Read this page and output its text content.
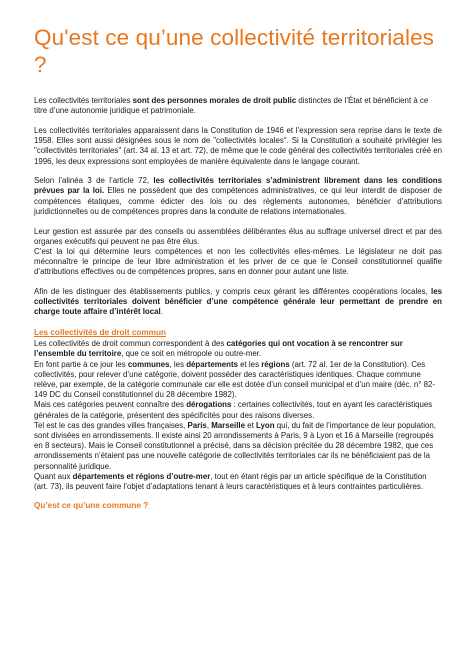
Qu'est ce qu’une collectivité territoriales ?

Les collectivités territoriales sont des personnes morales de droit public distinctes de l’État et bénéficient à ce titre d’une autonomie juridique et patrimoniale.

Les collectivités territoriales apparaissent dans la Constitution de 1946 et l’expression sera reprise dans le texte de 1958. Elles sont aussi désignées sous le nom de "collectivités locales". Si la Constitution a souhaité privilégier les "collectivités territoriales" (art. 34 al. 13 et art. 72), de même que le code général des collectivités territoriales créé en 1996, les deux expressions sont employées de manière équivalente dans le langage courant.

Selon l’alinéa 3 de l’article 72, les collectivités territoriales s’administrent librement dans les conditions prévues par la loi. Elles ne possèdent que des compétences administratives, ce qui leur interdit de disposer de compétences étatiques, comme édicter des lois ou des règlements autonomes, bénéficier d’attributions juridictionnelles ou de compétences propres dans la conduite de relations internationales.

Leur gestion est assurée par des conseils ou assemblées délibérantes élus au suffrage universel direct et par des organes exécutifs qui peuvent ne pas être élus.
C’est la loi qui détermine leurs compétences et non les collectivités elles-mêmes. Le législateur ne doit pas méconnaître le principe de leur libre administration et les priver de ce que le Conseil constitutionnel qualifie d’attributions effectives ou de compétences propres, sans en donner pour autant une liste.

Afin de les distinguer des établissements publics, y compris ceux gérant les différentes coopérations locales, les collectivités territoriales doivent bénéficier d’une compétence générale leur permettant de prendre en charge toute affaire d’intérêt local.

Les collectivités de droit commun

Les collectivités de droit commun correspondent à des catégories qui ont vocation à se rencontrer sur l’ensemble du territoire, que ce soit en métropole ou outre-mer.
En font partie à ce jour les communes, les départements et les régions (art. 72 al. 1er de la Constitution). Ces collectivités, pour relever d’une catégorie, doivent posséder des caractéristiques identiques. Chaque commune relève, par exemple, de la catégorie communale car elle est dotée d’un conseil municipal et d’un maire (déc. n° 82-149 DC du Conseil constitutionnel du 28 décembre 1982).
Mais ces catégories peuvent connaître des dérogations : certaines collectivités, tout en ayant les caractéristiques générales de la catégorie, présentent des spécificités pour des raisons diverses.
Tel est le cas des grandes villes françaises, Paris, Marseille et Lyon qui, du fait de l’importance de leur population, sont divisées en arrondissements. Il existe ainsi 20 arrondissements à Paris, 9 à Lyon et 16 à Marseille (regroupés en 8 secteurs). Mais le Conseil constitutionnel a précisé, dans sa décision précitée du 28 décembre 1982, que ces arrondissements n’étaient pas une nouvelle catégorie de collectivités territoriales car ils ne bénéficiaient pas de la personnalité juridique.
Quant aux départements et régions d’outre-mer, tout en étant régis par un article spécifique de la Constitution (art. 73), ils peuvent faire l’objet d’adaptations tenant à leurs caractéristiques et à leurs contraintes particulières.

Qu’est ce qu’une commune ?
